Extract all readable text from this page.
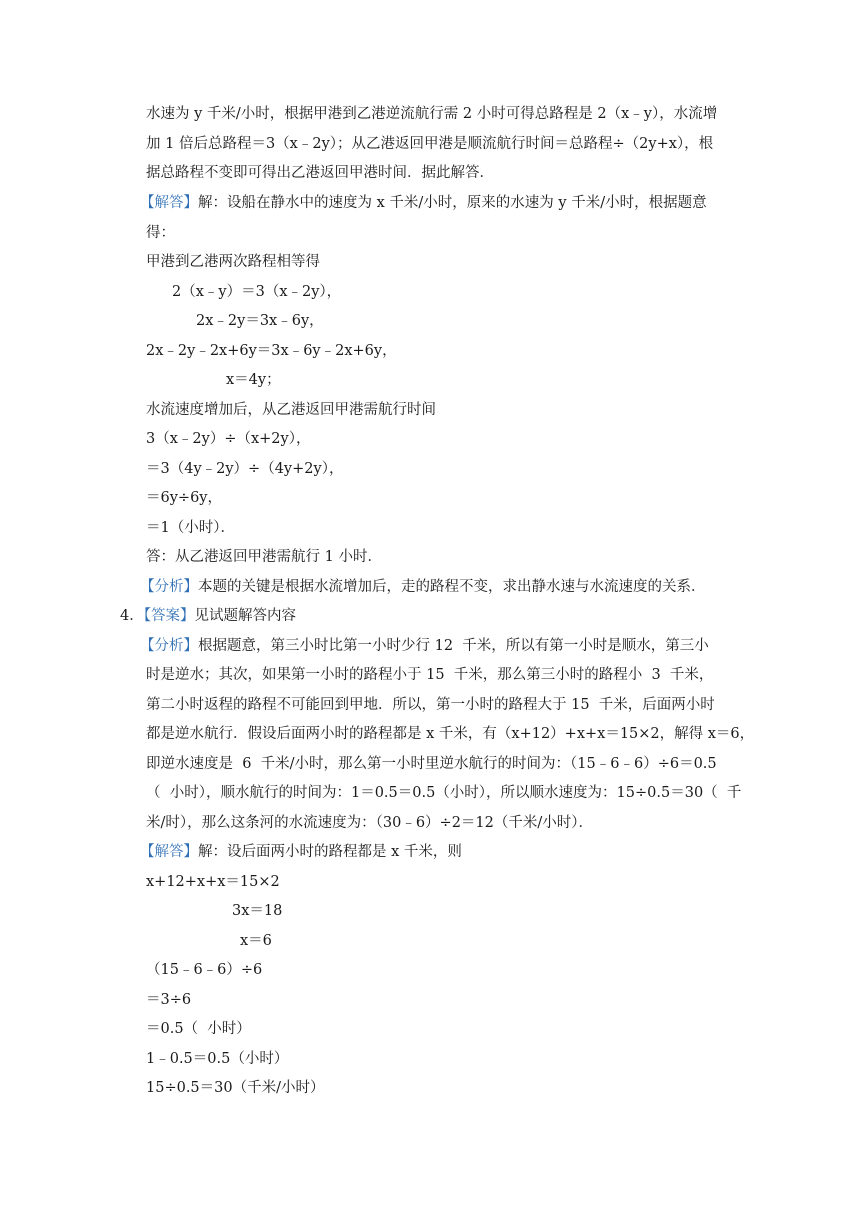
水速为 y 千米/小时，根据甲港到乙港逆流航行需 2 小时可得总路程是 2（x﹣y），水流增
加 1 倍后总路程＝3（x﹣2y）；从乙港返回甲港是顺流航行时间＝总路程÷（2y+x），根
据总路程不变即可得出乙港返回甲港时间．据此解答．
【解答】解：设船在静水中的速度为 x 千米/小时，原来的水速为 y 千米/小时，根据题意
得：
甲港到乙港两次路程相等得
2（x﹣y）＝3（x﹣2y），
2x﹣2y＝3x﹣6y，
2x﹣2y﹣2x+6y＝3x﹣6y﹣2x+6y，
x＝4y；
水流速度增加后，从乙港返回甲港需航行时间
3（x﹣2y）÷（x+2y），
＝3（4y﹣2y）÷（4y+2y），
＝6y÷6y，
＝1（小时）．
答：从乙港返回甲港需航行 1 小时．
【分析】本题的关键是根据水流增加后，走的路程不变，求出静水速与水流速度的关系．
4．【答案】见试题解答内容
【分析】根据题意，第三小时比第一小时少行 12  千米，所以有第一小时是顺水，第三小
时是逆水；其次，如果第一小时的路程小于 15  千米，那么第三小时的路程小  3  千米，
第二小时返程的路程不可能回到甲地．所以，第一小时的路程大于 15  千米，后面两小时
都是逆水航行．假设后面两小时的路程都是 x 千米，有（x+12）+x+x＝15×2，解得 x＝6，
即逆水速度是  6  千米/小时，那么第一小时里逆水航行的时间为：（15﹣6﹣6）÷6＝0.5
（  小时），顺水航行的时间为：1＝0.5＝0.5（小时），所以顺水速度为：15÷0.5＝30（  千
米/时），那么这条河的水流速度为：（30﹣6）÷2＝12（千米/小时）．
【解答】解：设后面两小时的路程都是 x 千米，则
x+12+x+x＝15×2
3x＝18
x＝6
（15﹣6﹣6）÷6
＝3÷6
＝0.5（  小时）
1﹣0.5＝0.5（小时）
15÷0.5＝30（千米/小时）
